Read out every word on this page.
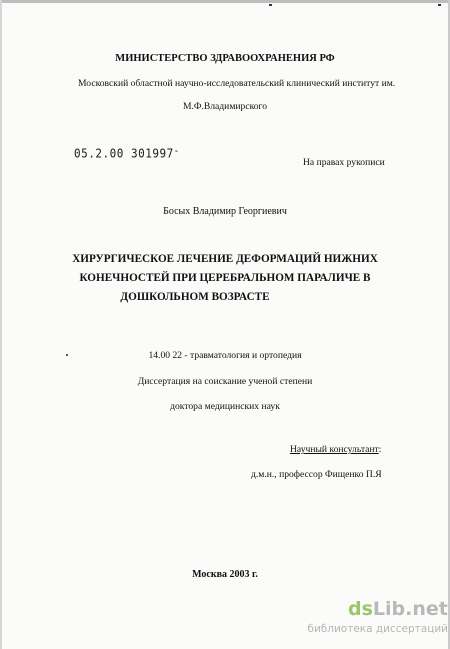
МИНИСТЕРСТВО ЗДРАВООХРАНЕНИЯ РФ
Московский областной научно-исследовательский клинический институт им.
М.Ф.Владимирского
05.2.00 301997-
На правах рукописи
Босых Владимир Георгиевич
ХИРУРГИЧЕСКОЕ ЛЕЧЕНИЕ ДЕФОРМАЦИЙ НИЖНИХ
КОНЕЧНОСТЕЙ ПРИ ЦЕРЕБРАЛЬНОМ ПАРАЛИЧЕ В
ДОШКОЛЬНОМ ВОЗРАСТЕ
14.00 22 - травматология и ортопедия
Диссертация на соискание ученой степени
доктора медицинских наук
Научный консультант:
д.м.н., профессор Фищенко П.Я
Москва 2003 г.
dsLib.net
библиотека диссертаций
